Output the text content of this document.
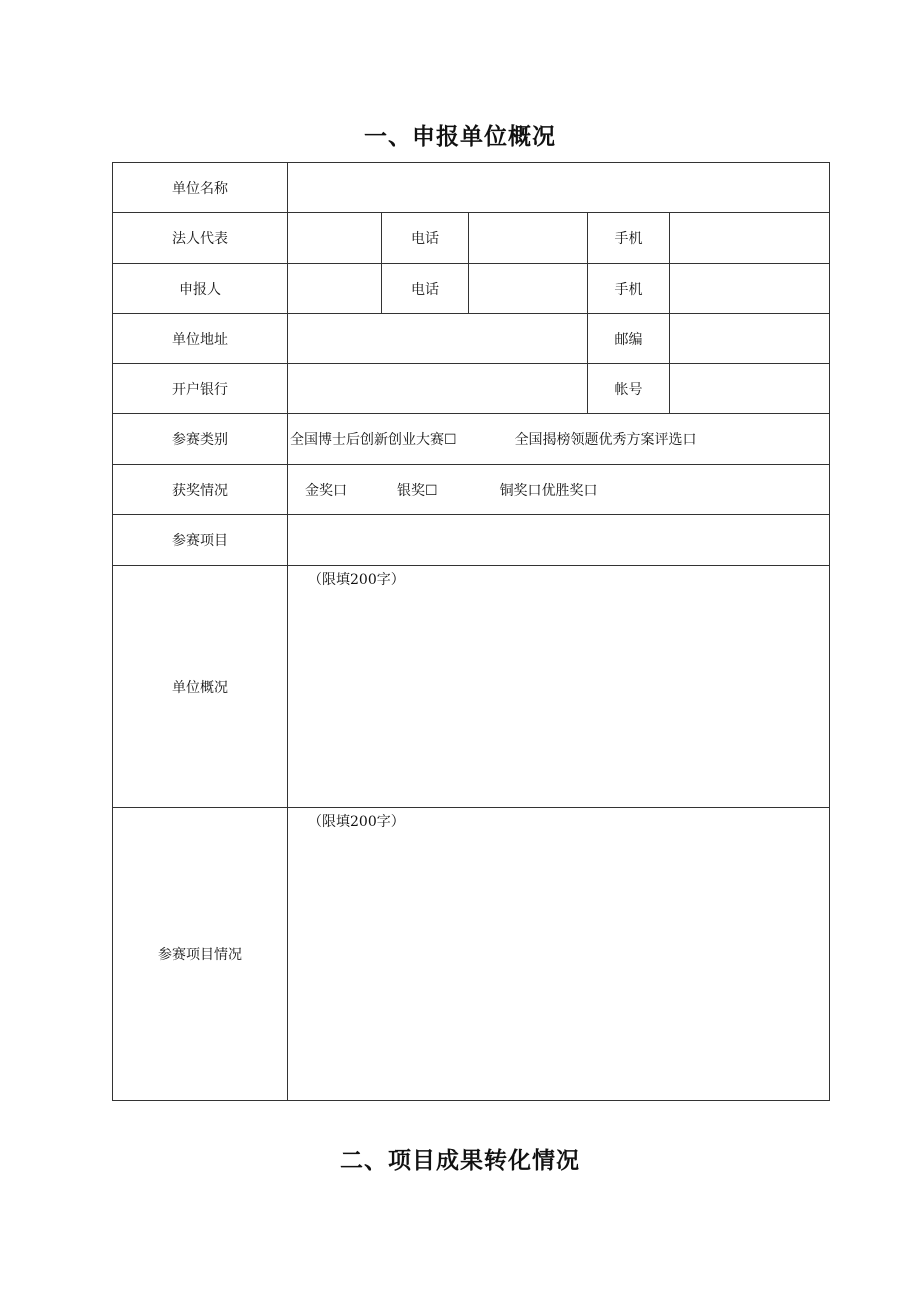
一、申报单位概况
单位名称					
法人代表		电话		手机	
申报人		电话		手机	
单位地址				邮编	
开户银行				帐号	
参赛类别	全国博士后创新创业大赛☐ 全国揭榜领题优秀方案评选口				
获奖情况	金奖口 银奖☐ 铜奖口优胜奖口				
参赛项目					
单位概况	（限填200字）				

参赛项目情况	（限填200字）				
二、项目成果转化情况
